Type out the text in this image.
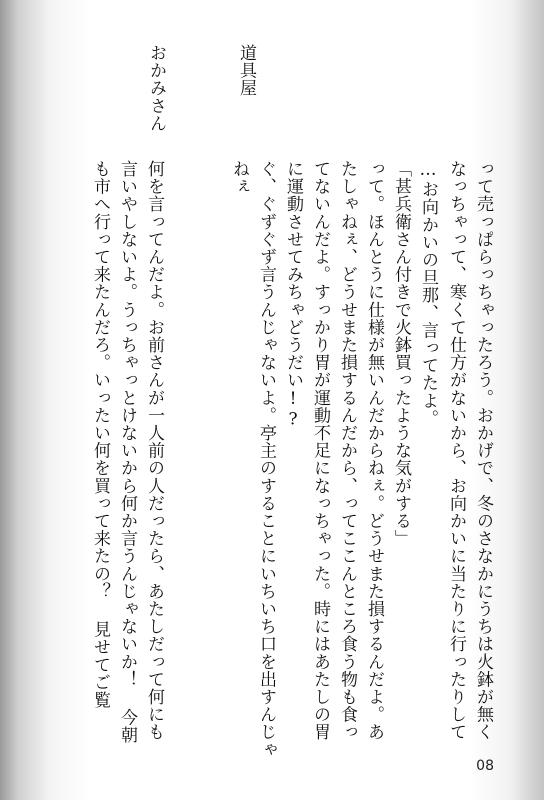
道具屋
おかみさん
って売っぱらっちゃったろう。おかげで、冬のさなかにうちは火鉢が無く
なっちゃって、寒くて仕方がないから、お向かいに当たりに行ったりして
…お向かいの旦那、言ってたよ。
「甚兵衛さん付きで火鉢買ったような気がする」
って。ほんとうに仕様が無いんだからねぇ。どうせまた損するんだよ。あ
たしゃねぇ、どうせまた損するんだから、ってここんところ食う物も食っ
てないんだよ。すっかり胃が運動不足になっちゃった。時にはあたしの胃
に運動させてみちゃどうだい!?
ぐ、ぐずぐず言うんじゃないよ。亭主のすることにいちいち口を出すんじゃ
ねぇ
何を言ってんだよ。お前さんが一人前の人だったら、あたしだって何にも
言いやしないよ。うっちゃっとけないから何か言うんじゃないか！ 今朝
も市へ行って来たんだろ。いったい何を買って来たの？ 見せてご覧
08
